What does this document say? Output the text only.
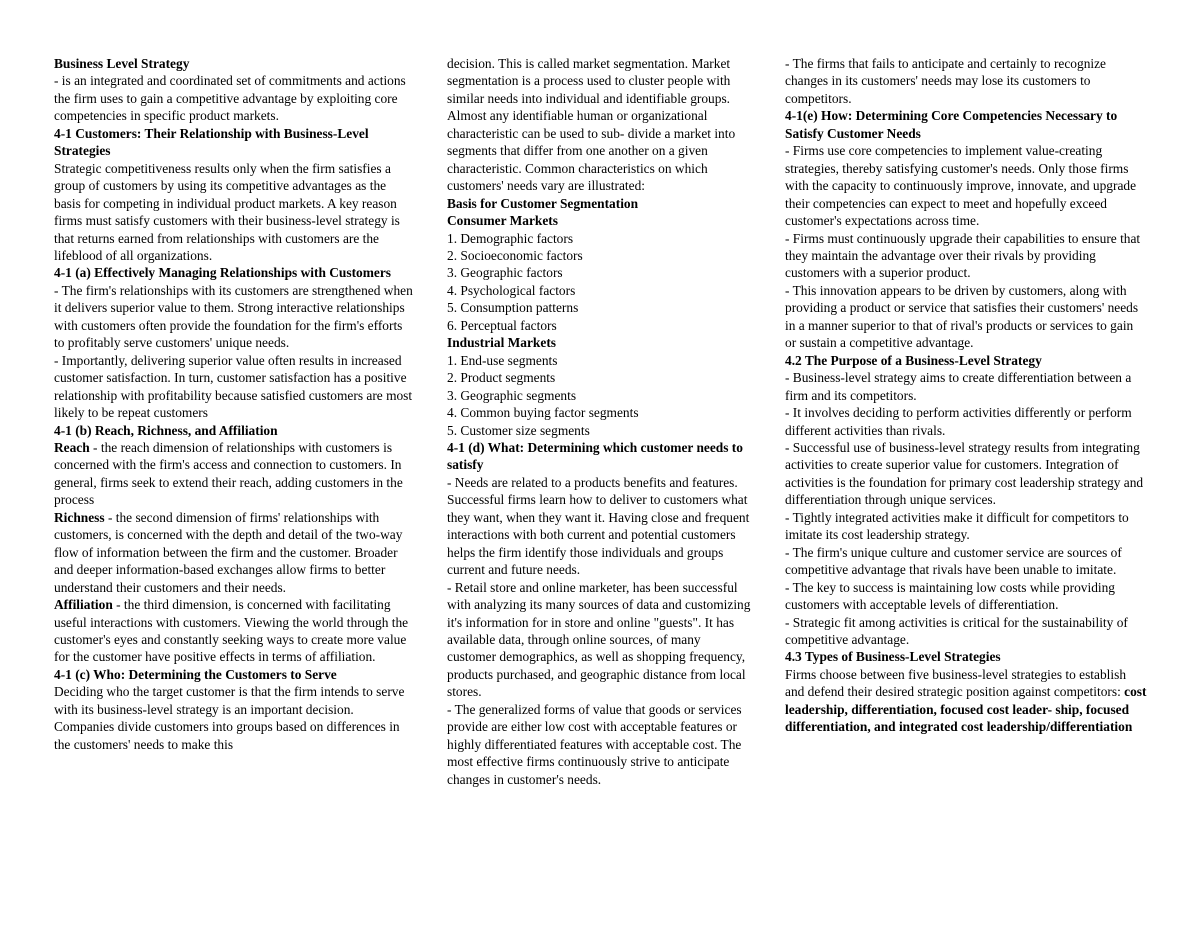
Business Level Strategy
- is an integrated and coordinated set of commitments and actions the firm uses to gain a competitive advantage by exploiting core competencies in specific product markets.
4-1 Customers: Their Relationship with Business-Level Strategies
Strategic competitiveness results only when the firm satisfies a group of customers by using its competitive advantages as the basis for competing in individual product markets. A key reason firms must satisfy customers with their business-level strategy is that returns earned from relationships with customers are the lifeblood of all organizations.
4-1 (a) Effectively Managing Relationships with Customers
- The firm's relationships with its customers are strengthened when it delivers superior value to them. Strong interactive relationships with customers often provide the foundation for the firm's efforts to profitably serve customers' unique needs.
- Importantly, delivering superior value often results in increased customer satisfaction. In turn, customer satisfaction has a positive relationship with profitability because satisfied customers are most likely to be repeat customers
4-1 (b) Reach, Richness, and Affiliation
Reach - the reach dimension of relationships with customers is concerned with the firm's access and connection to customers. In general, firms seek to extend their reach, adding customers in the process
Richness - the second dimension of firms' relationships with customers, is concerned with the depth and detail of the two-way flow of information between the firm and the customer. Broader and deeper information-based exchanges allow firms to better understand their customers and their needs.
Affiliation - the third dimension, is concerned with facilitating useful interactions with customers. Viewing the world through the customer's eyes and constantly seeking ways to create more value for the customer have positive effects in terms of affiliation.
4-1 (c) Who: Determining the Customers to Serve
Deciding who the target customer is that the firm intends to serve with its business-level strategy is an important decision. Companies divide customers into groups based on differences in the customers' needs to make this
decision. This is called market segmentation. Market segmentation is a process used to cluster people with similar needs into individual and identifiable groups.
Almost any identifiable human or organizational characteristic can be used to sub- divide a market into segments that differ from one another on a given characteristic. Common characteristics on which customers' needs vary are illustrated:
Basis for Customer Segmentation
Consumer Markets
1. Demographic factors
2. Socioeconomic factors
3. Geographic factors
4. Psychological factors
5. Consumption patterns
6. Perceptual factors
Industrial Markets
1. End-use segments
2. Product segments
3. Geographic segments
4. Common buying factor segments
5. Customer size segments
4-1 (d) What: Determining which customer needs to satisfy
- Needs are related to a products benefits and features. Successful firms learn how to deliver to customers what they want, when they want it. Having close and frequent interactions with both current and potential customers helps the firm identify those individuals and groups current and future needs.
- Retail store and online marketer, has been successful with analyzing its many sources of data and customizing it's information for in store and online "guests". It has available data, through online sources, of many customer demographics, as well as shopping frequency, products purchased, and geographic distance from local stores.
- The generalized forms of value that goods or services provide are either low cost with acceptable features or highly differentiated features with acceptable cost. The most effective firms continuously strive to anticipate changes in customer's needs.
- The firms that fails to anticipate and certainly to recognize changes in its customers' needs may lose its customers to competitors.
4-1(e) How: Determining Core Competencies Necessary to Satisfy Customer Needs
- Firms use core competencies to implement value-creating strategies, thereby satisfying customer's needs. Only those firms with the capacity to continuously improve, innovate, and upgrade their competencies can expect to meet and hopefully exceed customer's expectations across time.
- Firms must continuously upgrade their capabilities to ensure that they maintain the advantage over their rivals by providing customers with a superior product.
- This innovation appears to be driven by customers, along with providing a product or service that satisfies their customers' needs in a manner superior to that of rival's products or services to gain or sustain a competitive advantage.
4.2 The Purpose of a Business-Level Strategy
- Business-level strategy aims to create differentiation between a firm and its competitors.
- It involves deciding to perform activities differently or perform different activities than rivals.
- Successful use of business-level strategy results from integrating activities to create superior value for customers. Integration of activities is the foundation for primary cost leadership strategy and differentiation through unique services.
- Tightly integrated activities make it difficult for competitors to imitate its cost leadership strategy.
- The firm's unique culture and customer service are sources of competitive advantage that rivals have been unable to imitate.
- The key to success is maintaining low costs while providing customers with acceptable levels of differentiation.
- Strategic fit among activities is critical for the sustainability of competitive advantage.
4.3 Types of Business-Level Strategies
Firms choose between five business-level strategies to establish and defend their desired strategic position against competitors: cost leadership, differentiation, focused cost leader- ship, focused differentiation, and integrated cost leadership/differentiation
